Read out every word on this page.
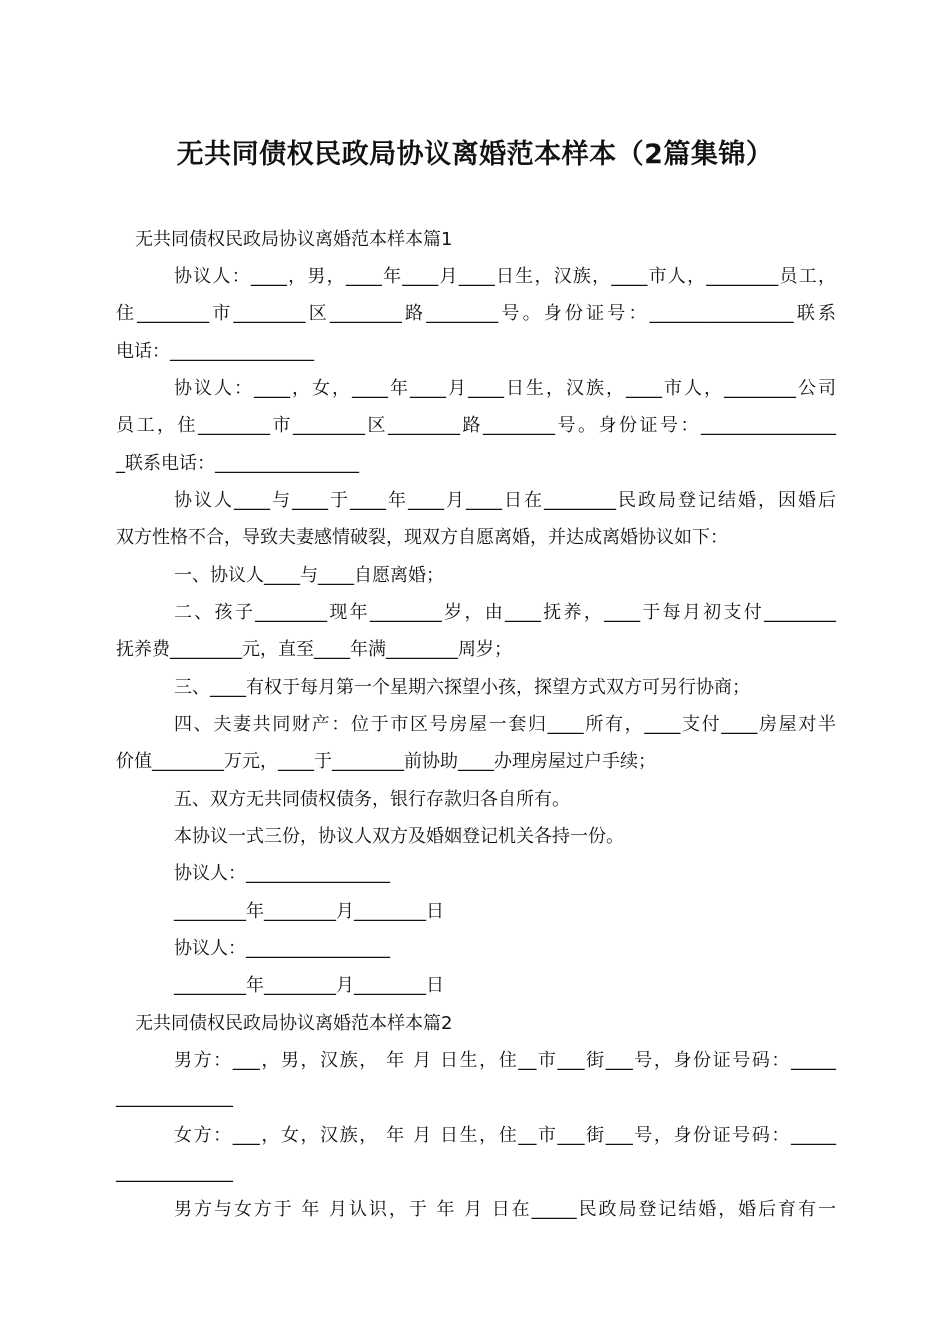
无共同债权民政局协议离婚范本样本（2篇集锦）
无共同债权民政局协议离婚范本样本篇1
协议人：____，男，____年____月____日生，汉族，____市人，________员工，
住________市________区________路________号。身份证号：________________联系
电话：________________
协议人：____，女，____年____月____日生，汉族，____市人，________公司
员工，住________市________区________路________号。身份证号：_______________
_联系电话：________________
协议人____与____于____年____月____日在________民政局登记结婚，因婚后
双方性格不合，导致夫妻感情破裂，现双方自愿离婚，并达成离婚协议如下：
一、协议人____与____自愿离婚；
二、孩子________现年________岁，由____抚养，____于每月初支付________
抚养费________元，直至____年满________周岁；
三、____有权于每月第一个星期六探望小孩，探望方式双方可另行协商；
四、夫妻共同财产：位于市区号房屋一套归____所有，____支付____房屋对半
价值________万元，____于________前协助____办理房屋过户手续；
五、双方无共同债权债务，银行存款归各自所有。
本协议一式三份，协议人双方及婚姻登记机关各持一份。
协议人：________________
________年________月________日
协议人：________________
________年________月________日
无共同债权民政局协议离婚范本样本篇2
男方：___，男，汉族， 年 月 日生，住__市___街___号，身份证号码：_____
_____________
女方：___，女，汉族， 年 月 日生，住__市___街___号，身份证号码：_____
_____________
男方与女方于 年 月认识，于 年 月 日在_____民政局登记结婚，婚后育有一
